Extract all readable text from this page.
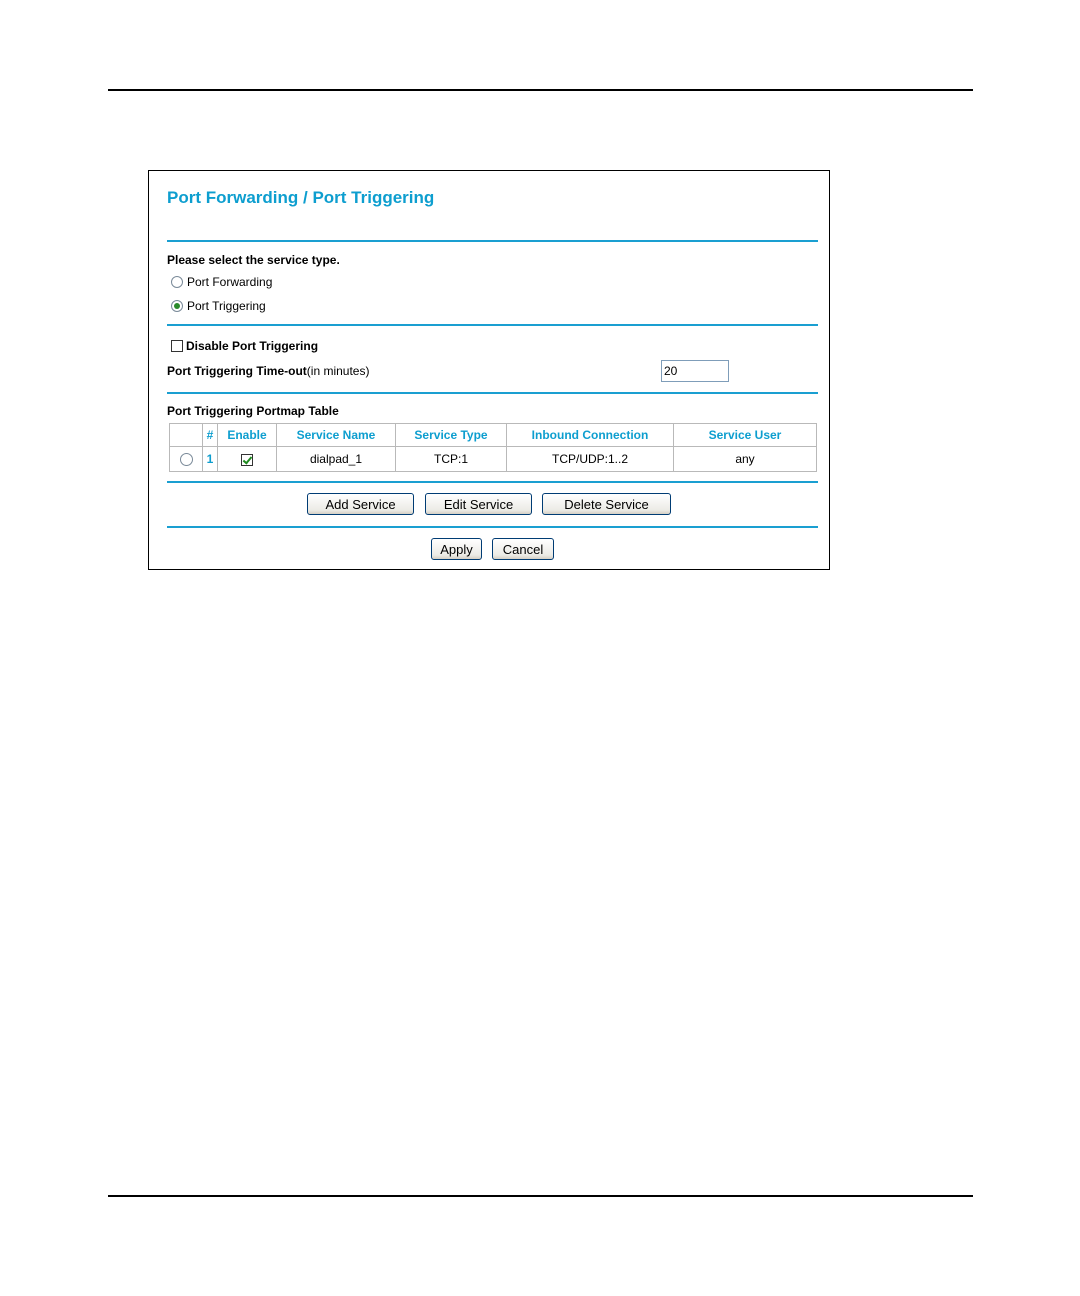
Port Forwarding / Port Triggering
Please select the service type.
Port Forwarding
Port Triggering
Disable Port Triggering
Port Triggering Time-out(in minutes)
20
Port Triggering Portmap Table
	#	Enable	Service Name	Service Type	Inbound Connection	Service User
	1		dialpad_1	TCP:1	TCP/UDP:1..2	any
Add Service	Edit Service	Delete Service
Apply	Cancel
